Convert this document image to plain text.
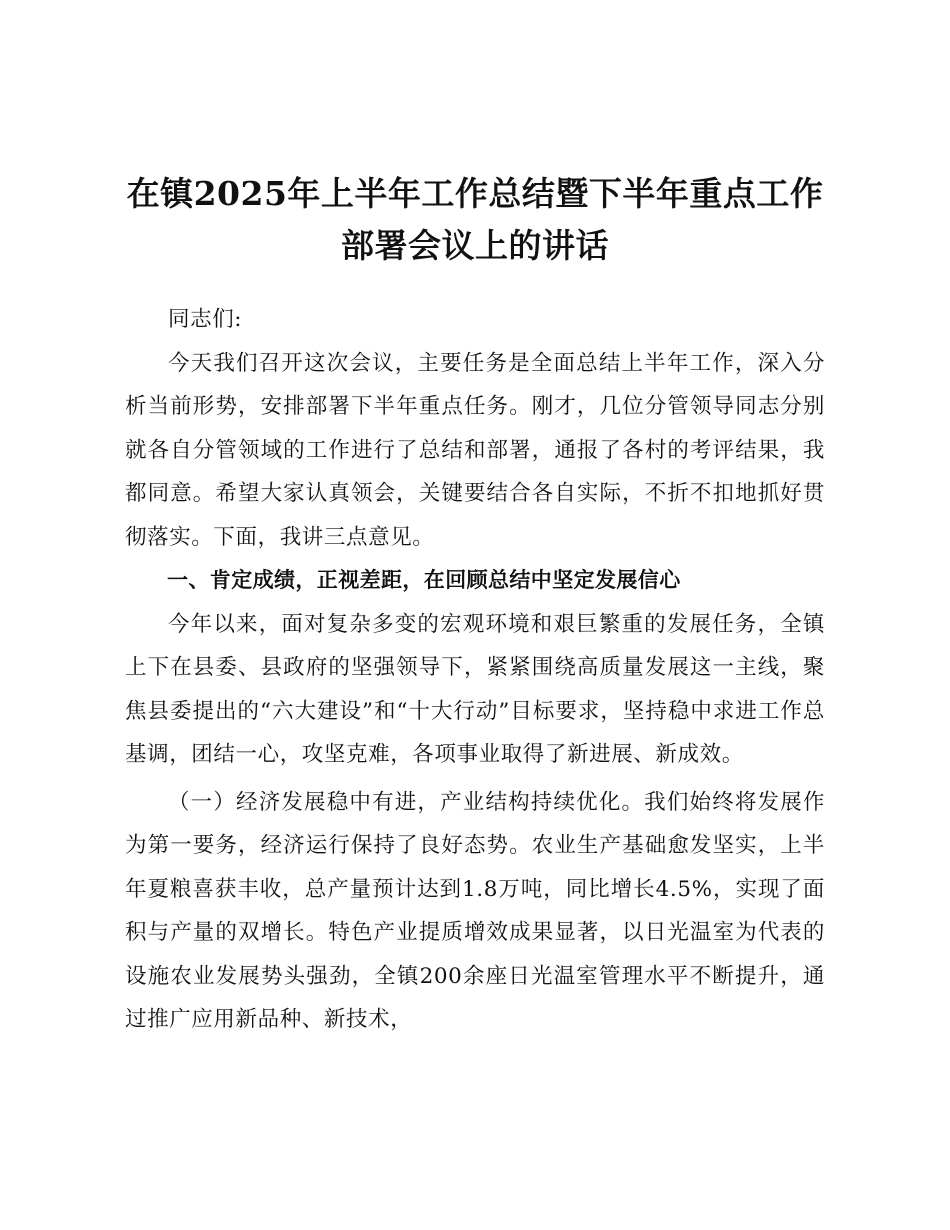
在镇2025年上半年工作总结暨下半年重点工作
部署会议上的讲话

同志们:

今天我们召开这次会议，主要任务是全面总结上半年工作，深入分析当前形势，安排部署下半年重点任务。刚才，几位分管领导同志分别就各自分管领域的工作进行了总结和部署，通报了各村的考评结果，我都同意。希望大家认真领会，关键要结合各自实际，不折不扣地抓好贯彻落实。下面，我讲三点意见。

一、肯定成绩，正视差距，在回顾总结中坚定发展信心

今年以来，面对复杂多变的宏观环境和艰巨繁重的发展任务，全镇上下在县委、县政府的坚强领导下，紧紧围绕高质量发展这一主线，聚焦县委提出的“六大建设”和“十大行动”目标要求，坚持稳中求进工作总基调，团结一心，攻坚克难，各项事业取得了新进展、新成效。

（一）经济发展稳中有进，产业结构持续优化。我们始终将发展作为第一要务，经济运行保持了良好态势。农业生产基础愈发坚实，上半年夏粮喜获丰收，总产量预计达到1.8万吨，同比增长4.5%，实现了面积与产量的双增长。特色产业提质增效成果显著，以日光温室为代表的设施农业发展势头强劲，全镇200余座日光温室管理水平不断提升，通过推广应用新品种、新技术，
